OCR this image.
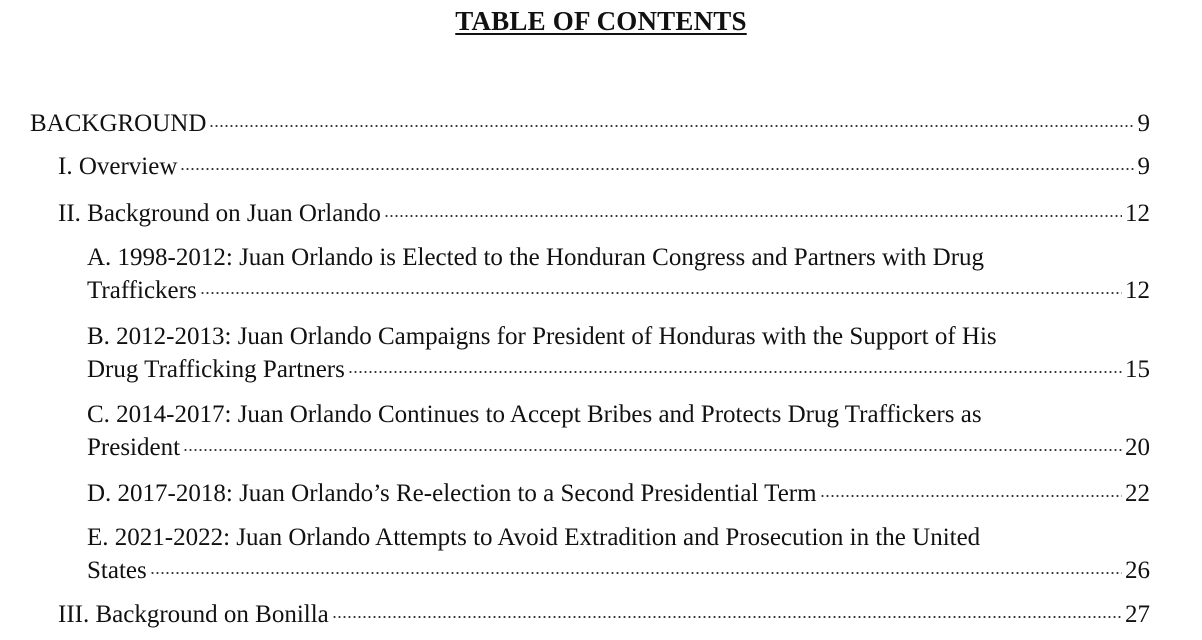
TABLE OF CONTENTS
BACKGROUND	9
I. Overview	9
II. Background on Juan Orlando	12
A. 1998-2012: Juan Orlando is Elected to the Honduran Congress and Partners with Drug
Traffickers	12
B. 2012-2013: Juan Orlando Campaigns for President of Honduras with the Support of His
Drug Trafficking Partners	15
C. 2014-2017: Juan Orlando Continues to Accept Bribes and Protects Drug Traffickers as
President	20
D. 2017-2018: Juan Orlando’s Re-election to a Second Presidential Term	22
E. 2021-2022: Juan Orlando Attempts to Avoid Extradition and Prosecution in the United
States	26
III. Background on Bonilla	27
